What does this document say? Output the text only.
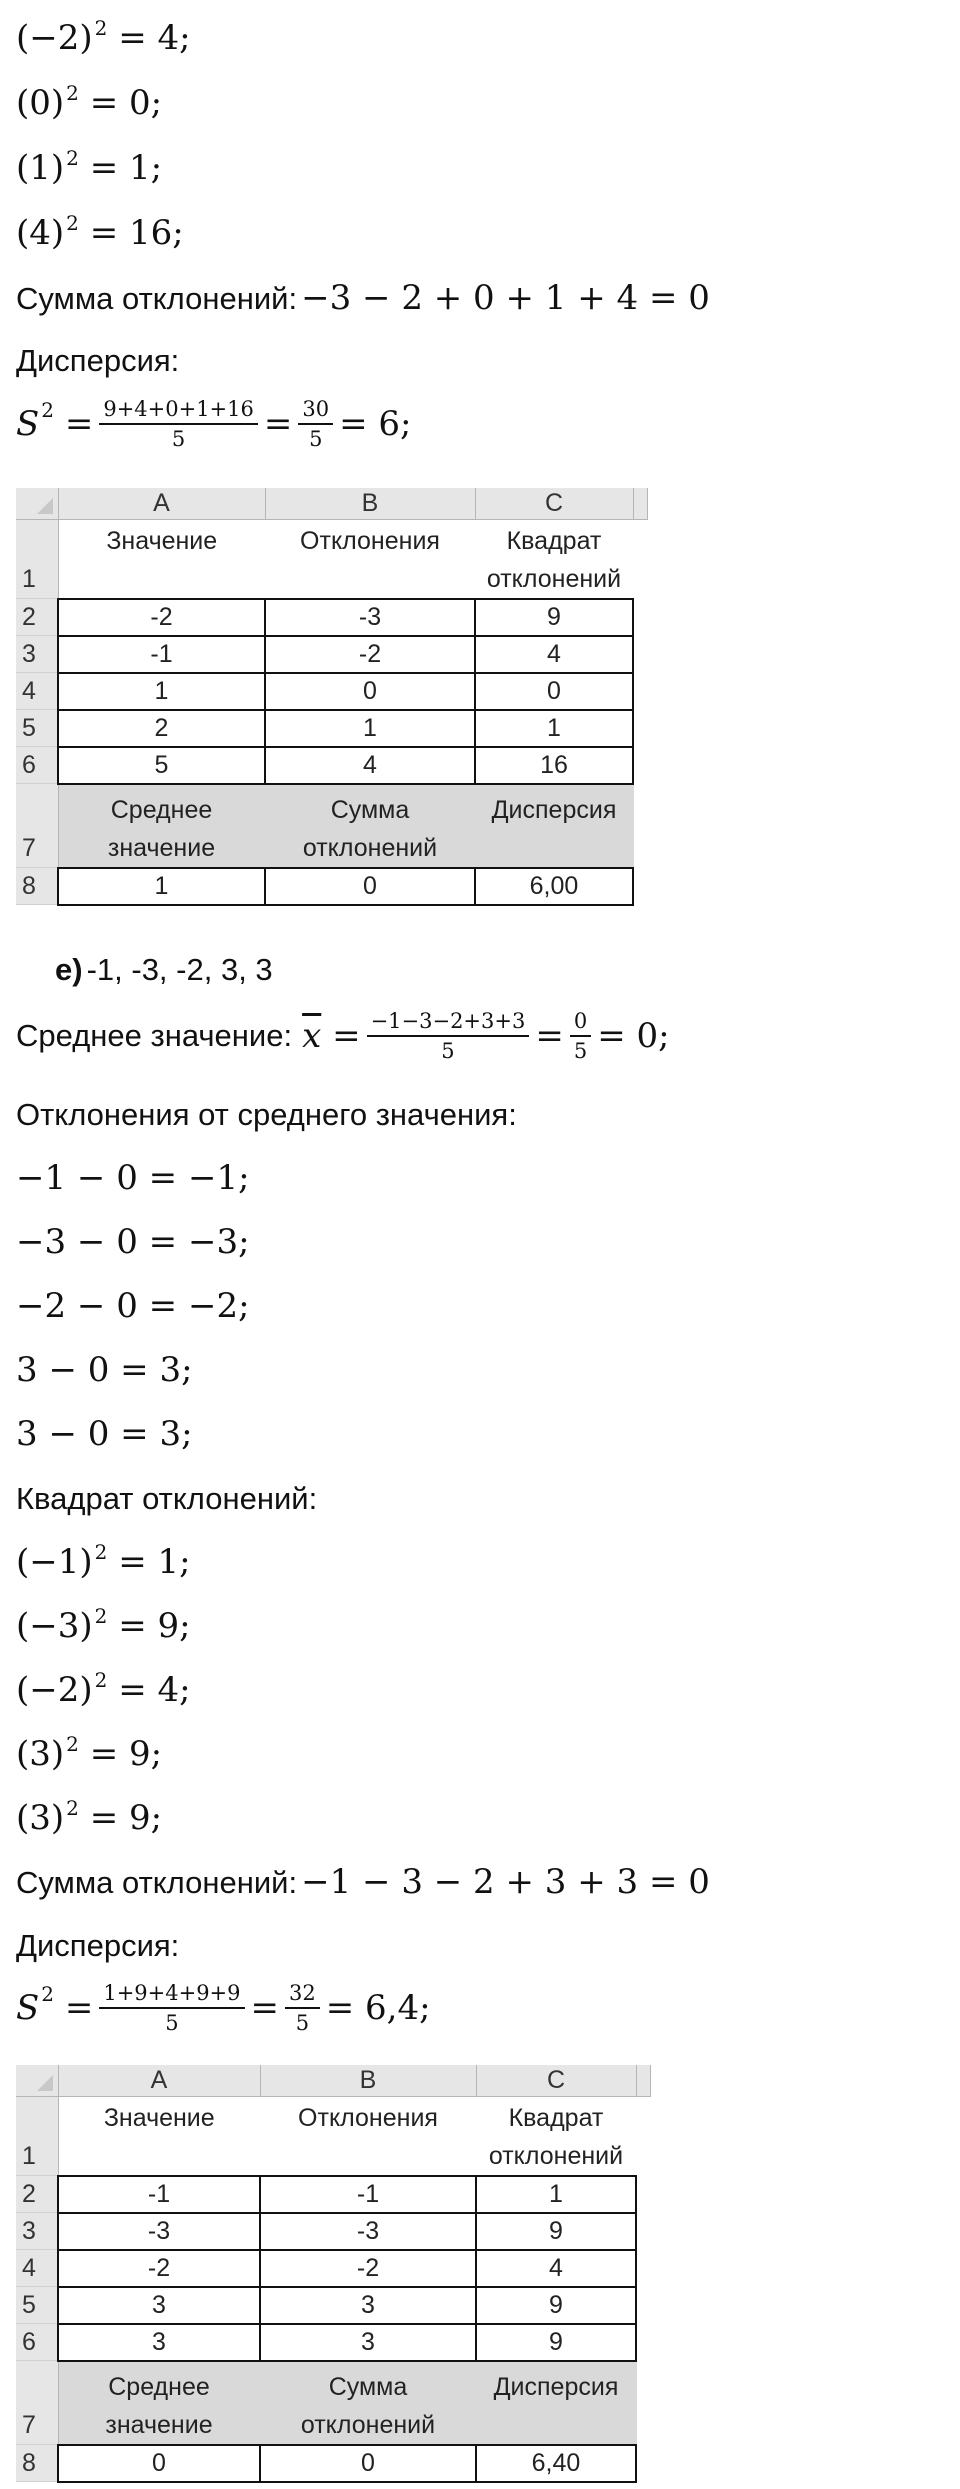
(−2) $^2$ = 4;
(0) $^2$ = 0;
(1) $^2$ = 1;
(4) $^2$ = 16;
Сумма отклонений: −3 − 2 + 0 + 1 + 4 = 0
Дисперсия:
S $2 = \frac{9+4+0+1+16}{5} = \frac{30}{5} = 6$;
	A	B	C	
1	Значение	Отклонения	Квадрат отклонений	
2	-2	-3	9	
3	-1	-2	4	
4	1	0	0	
5	2	1	1	
6	5	4	16	
7	Среднее значение	Сумма отклонений	Дисперсия	
8	1	0	6,00	
е) -1, -3, -2, 3, 3
Среднее значение: $\overline{x} = \frac{-1-3-2+3+3}{5} = \frac{0}{5} = 0$;
Отклонения от среднего значения:
−1 − 0 = −1;
−3 − 0 = −3;
−2 − 0 = −2;
3 − 0 = 3;
3 − 0 = 3;
Квадрат отклонений:
(−1) $^2$ = 1;
(−3) $^2$ = 9;
(−2) $^2$ = 4;
(3) $^2$ = 9;
(3) $^2$ = 9;
Сумма отклонений: −1 − 3 − 2 + 3 + 3 = 0
Дисперсия:
S $2 = \frac{1+9+4+9+9}{5} = \frac{32}{5} = 6,4$;
	A	B	C	
1	Значение	Отклонения	Квадрат отклонений	
2	-1	-1	1	
3	-3	-3	9	
4	-2	-2	4	
5	3	3	9	
6	3	3	9	
7	Среднее значение	Сумма отклонений	Дисперсия	
8	0	0	6,40	
